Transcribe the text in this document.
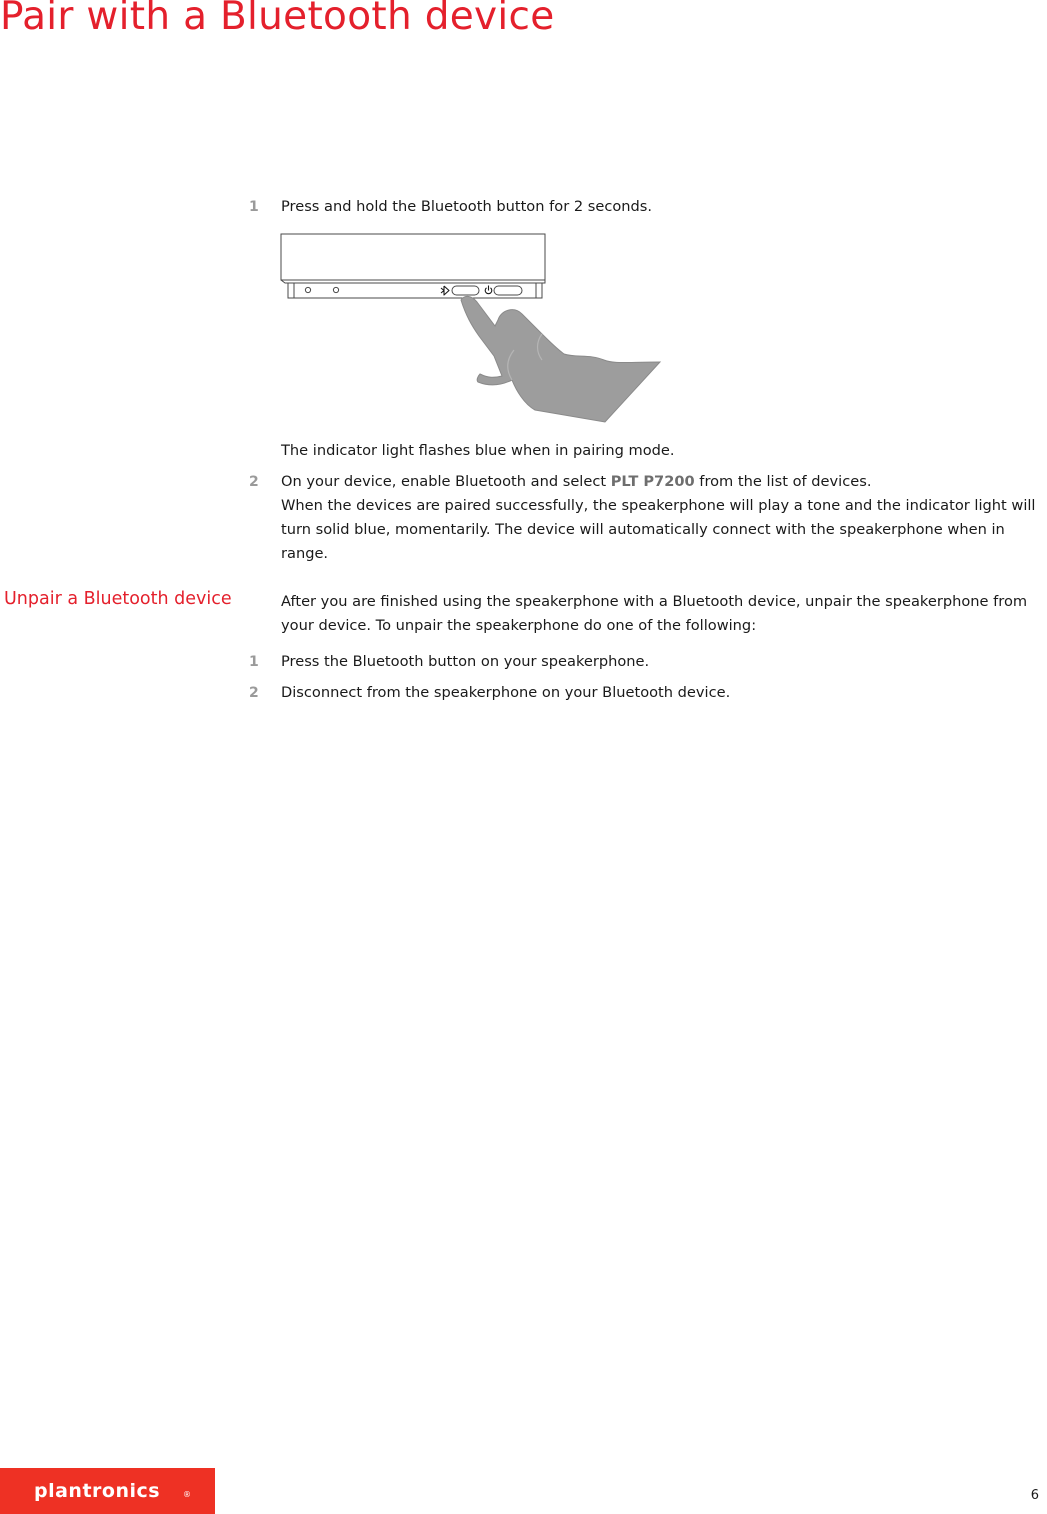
Pair with a Bluetooth device
1	Press and hold the Bluetooth button for 2 seconds.
The indicator light flashes blue when in pairing mode.
2	On your device, enable Bluetooth and select PLT P7200 from the list of devices.
When the devices are paired successfully, the speakerphone will play a tone and the indicator light will turn solid blue, momentarily. The device will automatically connect with the speakerphone when in range.
Unpair a Bluetooth device	After you are finished using the speakerphone with a Bluetooth device, unpair the speakerphone from your device. To unpair the speakerphone do one of the following:
1	Press the Bluetooth button on your speakerphone.
2	Disconnect from the speakerphone on your Bluetooth device.
plantronics	®	6
